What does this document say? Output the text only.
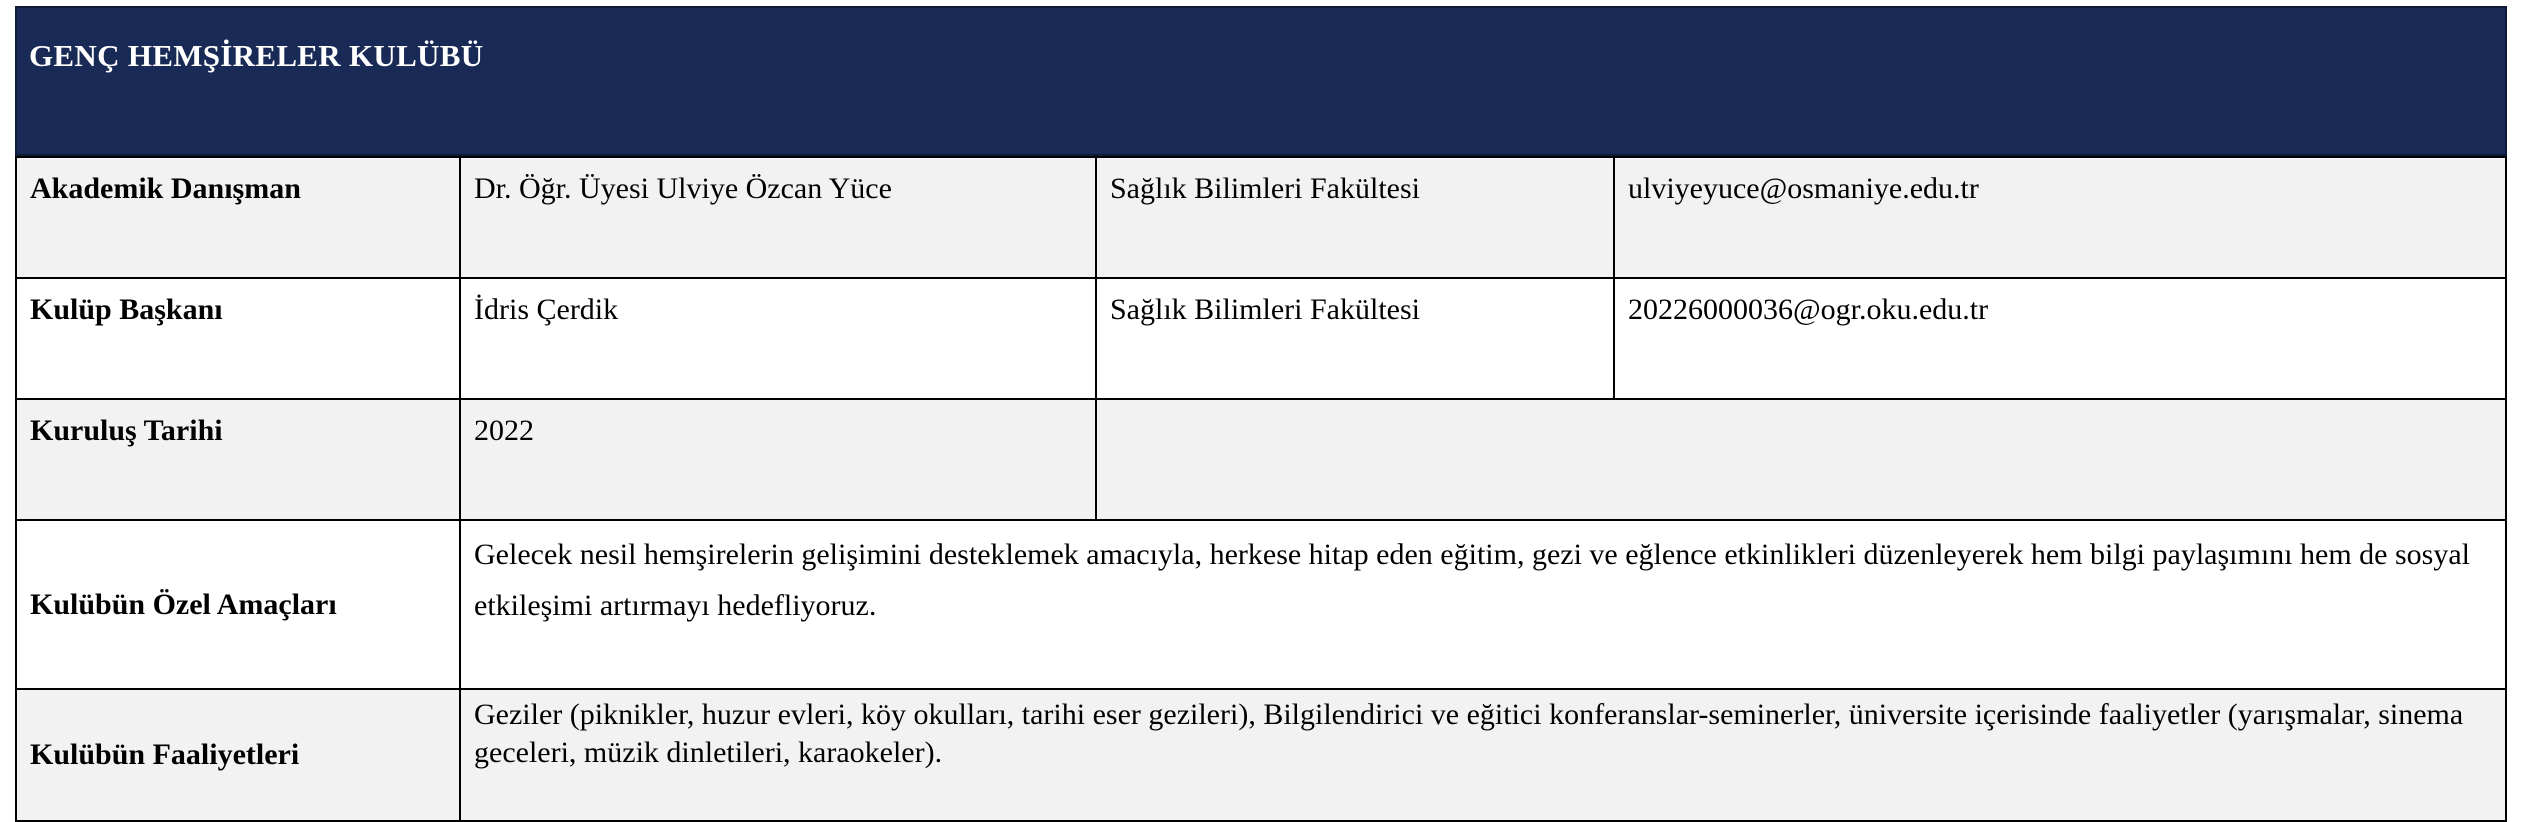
GENÇ HEMŞİRELER KULÜBÜ
Akademik Danışman	Dr. Öğr. Üyesi Ulviye Özcan Yüce	Sağlık Bilimleri Fakültesi	ulviyeyuce@osmaniye.edu.tr
Kulüp Başkanı	İdris Çerdik	Sağlık Bilimleri Fakültesi	20226000036@ogr.oku.edu.tr
Kuruluş Tarihi	2022		
Kulübün Özel Amaçları	Gelecek nesil hemşirelerin gelişimini desteklemek amacıyla, herkese hitap eden eğitim, gezi ve eğlence etkinlikleri düzenleyerek hem bilgi paylaşımını hem de sosyal etkileşimi artırmayı hedefliyoruz.		
Kulübün Faaliyetleri	Geziler (piknikler, huzur evleri, köy okulları, tarihi eser gezileri), Bilgilendirici ve eğitici konferanslar-seminerler, üniversite içerisinde faaliyetler (yarışmalar, sinema geceleri, müzik dinletileri, karaokeler).		
